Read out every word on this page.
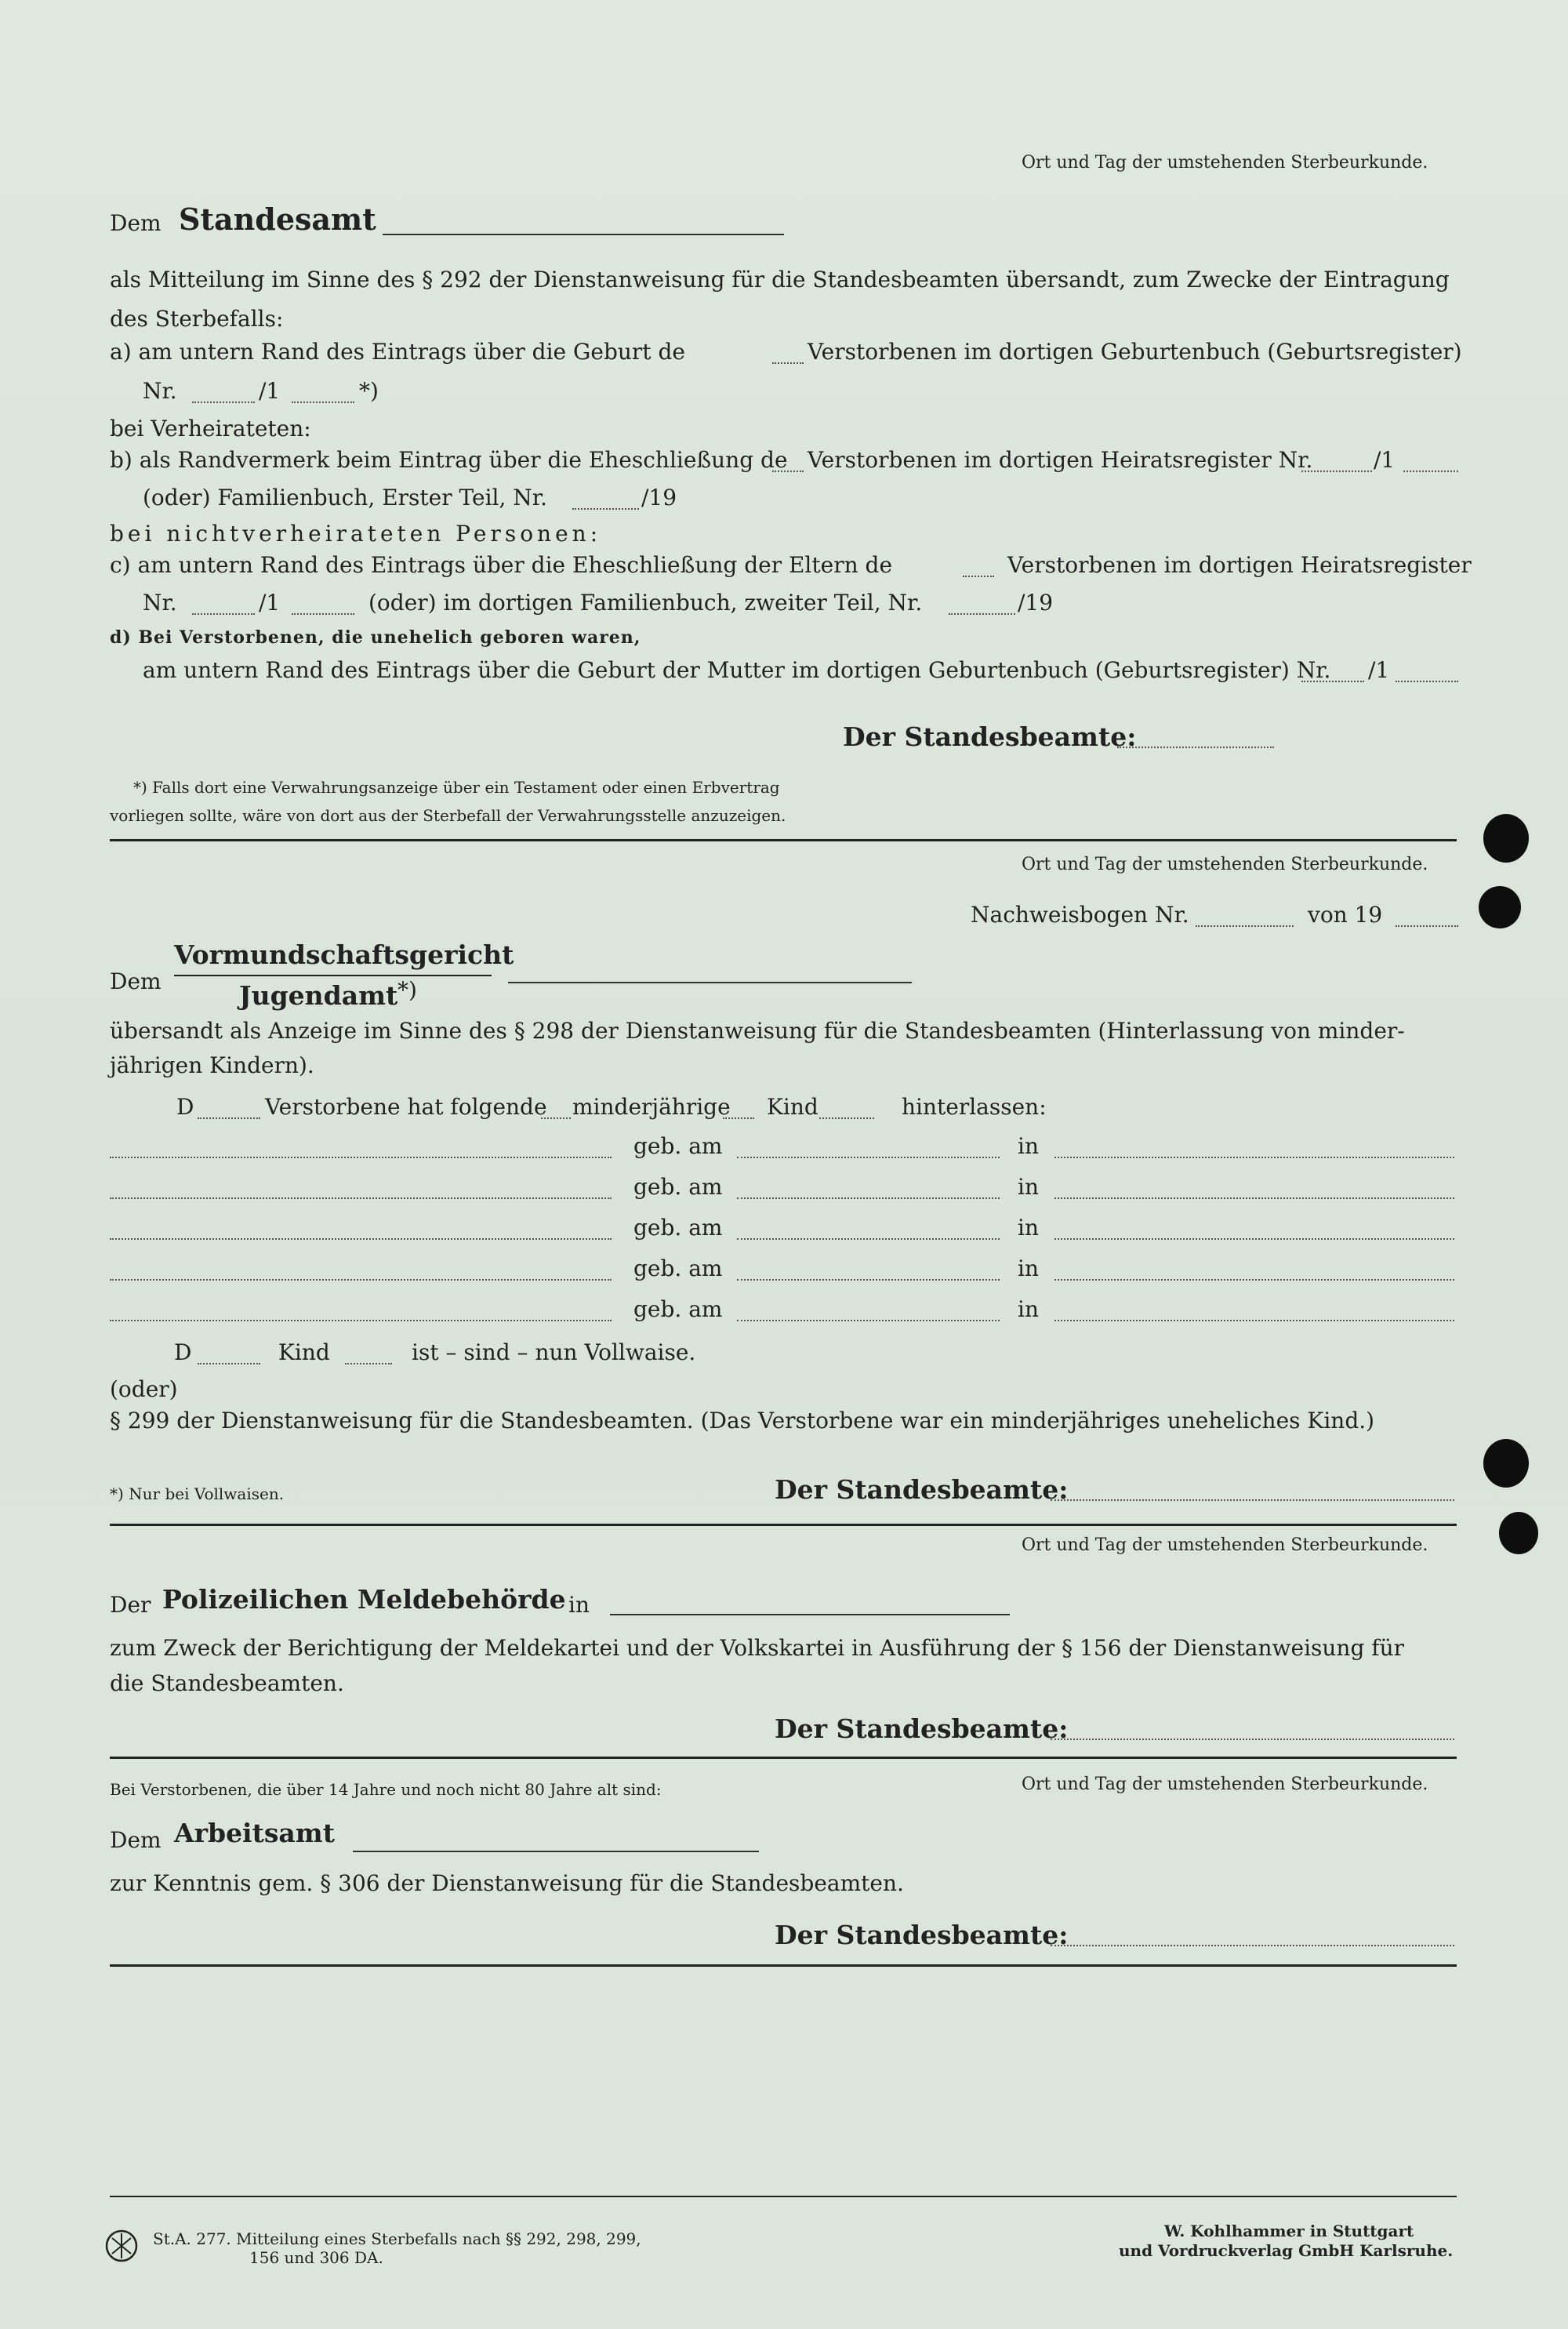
Ort und Tag der umstehenden Sterbeurkunde.
Dem Standesamt
als Mitteilung im Sinne des § 292 der Dienstanweisung für die Standesbeamten übersandt, zum Zwecke der Eintragung
des Sterbefalls:
a) am untern Rand des Eintrags über die Geburt de	Verstorbenen im dortigen Geburtenbuch (Geburtsregister)
Nr.	/1	*)
bei Verheirateten:
b) als Randvermerk beim Eintrag über die Eheschließung de Verstorbenen im dortigen Heiratsregister Nr.	/1
(oder) Familienbuch, Erster Teil, Nr.	/19
bei nichtverheirateten Personen:
c) am untern Rand des Eintrags über die Eheschließung der Eltern de	Verstorbenen im dortigen Heiratsregister
Nr.	/1	(oder) im dortigen Familienbuch, zweiter Teil, Nr.	/19
d) Bei Verstorbenen, die unehelich geboren waren,
am untern Rand des Eintrags über die Geburt der Mutter im dortigen Geburtenbuch (Geburtsregister) Nr. /1
Der Standesbeamte:
*) Falls dort eine Verwahrungsanzeige über ein Testament oder einen Erbvertrag
vorliegen sollte, wäre von dort aus der Sterbefall der Verwahrungsstelle anzuzeigen.
Ort und Tag der umstehenden Sterbeurkunde.
Nachweisbogen Nr.	von 19
Dem
Vormundschaftsgericht
Jugendamt *)
übersandt als Anzeige im Sinne des § 298 der Dienstanweisung für die Standesbeamten (Hinterlassung von minder-
jährigen Kindern).
D	Verstorbene hat folgende minderjährige Kind	hinterlassen:
geb. am	in
geb. am	in
geb. am	in
geb. am	in
geb. am	in
D	Kind	ist – sind – nun Vollwaise.
(oder)
§ 299 der Dienstanweisung für die Standesbeamten. (Das Verstorbene war ein minderjähriges uneheliches Kind.)
*) Nur bei Vollwaisen.	Der Standesbeamte:
Ort und Tag der umstehenden Sterbeurkunde.
Der Polizeilichen Meldebehörde in
zum Zweck der Berichtigung der Meldekartei und der Volkskartei in Ausführung der § 156 der Dienstanweisung für
die Standesbeamten.
Der Standesbeamte:
Bei Verstorbenen, die über 14 Jahre und noch nicht 80 Jahre alt sind:	Ort und Tag der umstehenden Sterbeurkunde.
Dem Arbeitsamt
zur Kenntnis gem. § 306 der Dienstanweisung für die Standesbeamten.
Der Standesbeamte:
St.A. 277. Mitteilung eines Sterbefalls nach §§ 292, 298, 299,
156 und 306 DA.
W. Kohlhammer in Stuttgart
und Vordruckverlag GmbH Karlsruhe.
